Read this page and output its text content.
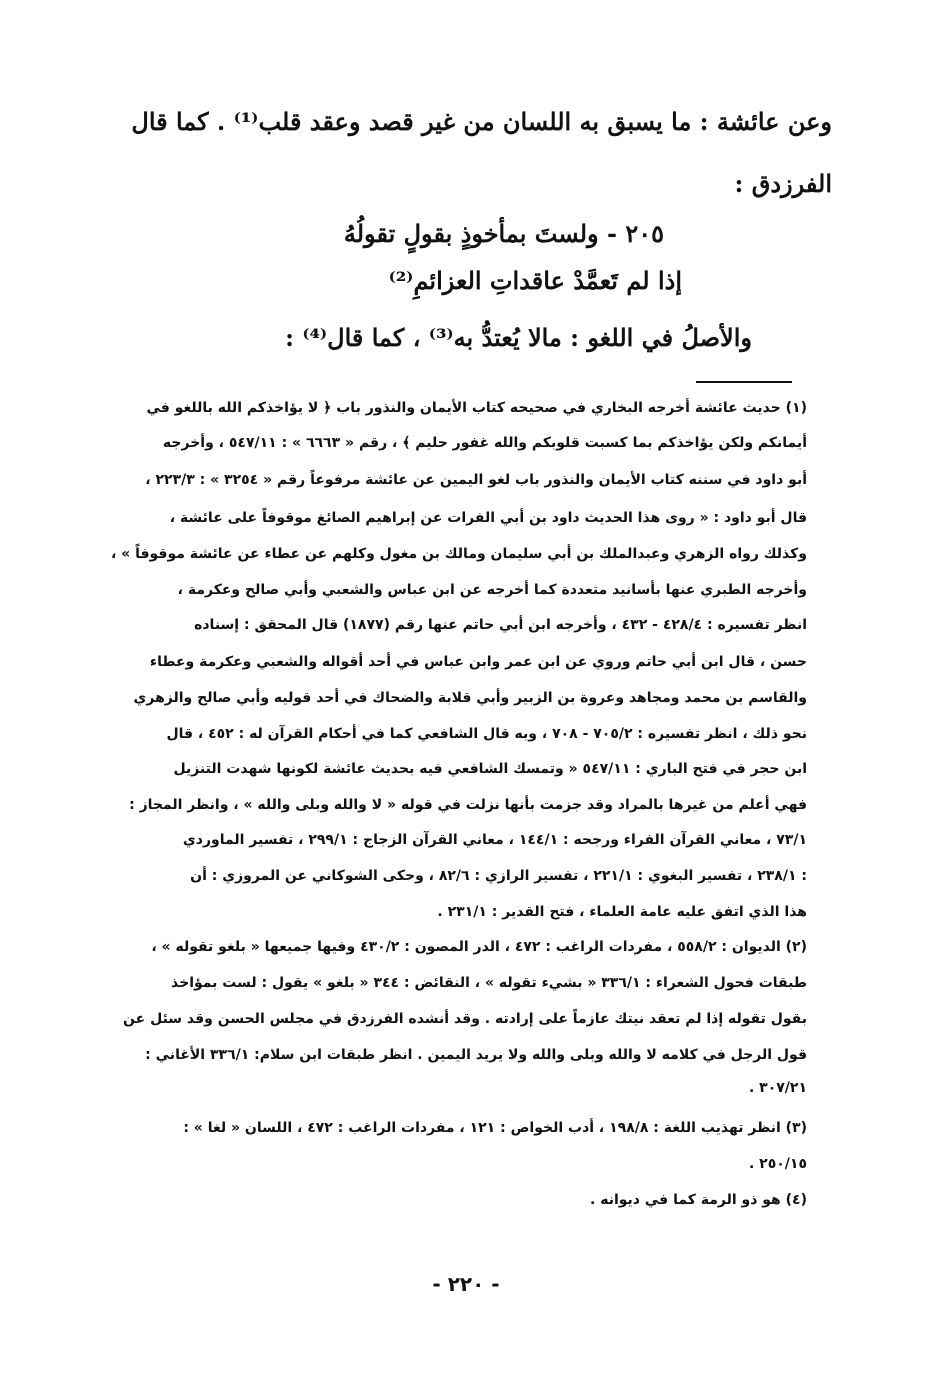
وعن عائشة : ما يسبق به اللسان من غير قصد وعقد قلب⁽¹⁾ . كما قال
الفرزدق :
٢٠٥ - ولستَ بمأخوذٍ بقولٍ تقولُهُ
إذا لم تَعمَّدْ عاقداتِ العزائمِ⁽²⁾
والأصلُ في اللغو : مالا يُعتدُّ به⁽³⁾ ، كما قال⁽⁴⁾ :
(١) حديث عائشة أخرجه البخاري في صحيحه كتاب الأيمان والنذور باب ﴿ لا يؤاخذكم الله باللغو في
أيمانكم ولكن يؤاخذكم بما كسبت قلوبكم والله غفور حليم ﴾ ، رقم « ٦٦٦٣ » : ٥٤٧/١١ ، وأخرجه
أبو داود في سننه كتاب الأيمان والنذور باب لغو اليمين عن عائشة مرفوعاً رقم « ٣٢٥٤ » : ٢٢٣/٣ ،
قال أبو داود : « روى هذا الحديث داود بن أبي الفرات عن إبراهيم الصائغ موقوفاً على عائشة ،
وكذلك رواه الزهري وعبدالملك بن أبي سليمان ومالك بن مغول وكلهم عن عطاء عن عائشة موقوفاً » ،
وأخرجه الطبري عنها بأسانيد متعددة كما أخرجه عن ابن عباس والشعبي وأبي صالح وعكرمة ،
انظر تفسيره : ٤٢٨/٤ - ٤٣٢ ، وأخرجه ابن أبي حاتم عنها رقم (١٨٧٧) قال المحقق : إسناده
حسن ، قال ابن أبي حاتم وروي عن ابن عمر وابن عباس في أحد أقواله والشعبي وعكرمة وعطاء
والقاسم بن محمد ومجاهد وعروة بن الزبير وأبي قلابة والضحاك في أحد قوليه وأبي صالح والزهري
نحو ذلك ، انظر تفسيره : ٧٠٥/٢ - ٧٠٨ ، وبه قال الشافعي كما في أحكام القرآن له : ٤٥٢ ، قال
ابن حجر في فتح الباري : ٥٤٧/١١ « وتمسك الشافعي فيه بحديث عائشة لكونها شهدت التنزيل
فهي أعلم من غيرها بالمراد وقد جزمت بأنها نزلت في قوله « لا والله وبلى والله » ، وانظر المجاز :
٧٣/١ ، معاني القرآن الفراء ورجحه : ١٤٤/١ ، معاني القرآن الزجاج : ٢٩٩/١ ، تفسير الماوردي
: ٢٣٨/١ ، تفسير البغوي : ٢٢١/١ ، تفسير الرازي : ٨٢/٦ ، وحكى الشوكاني عن المروزي : أن
هذا الذي اتفق عليه عامة العلماء ، فتح القدير : ٢٣١/١ .
(٢) الديوان : ٥٥٨/٢ ، مفردات الراغب : ٤٧٢ ، الدر المصون : ٤٣٠/٢ وفيها جميعها « بلغو تقوله » ،
طبقات فحول الشعراء : ٣٣٦/١ « بشيء تقوله » ، النقائض : ٣٤٤ « بلغو » يقول : لست بمؤاخذ
بقول تقوله إذا لم تعقد نيتك عازماً على إرادته . وقد أنشده الفرزدق في مجلس الحسن وقد سئل عن
قول الرجل في كلامه لا والله وبلى والله ولا يريد اليمين . انظر طبقات ابن سلام: ٣٣٦/١ الأغاني :
٣٠٧/٢١ .
(٣) انظر تهذيب اللغة : ١٩٨/٨ ، أدب الخواص : ١٢١ ، مفردات الراغب : ٤٧٢ ، اللسان « لغا » :
٢٥٠/١٥ .
(٤) هو ذو الرمة كما في ديوانه .
- ٢٢٠ -
